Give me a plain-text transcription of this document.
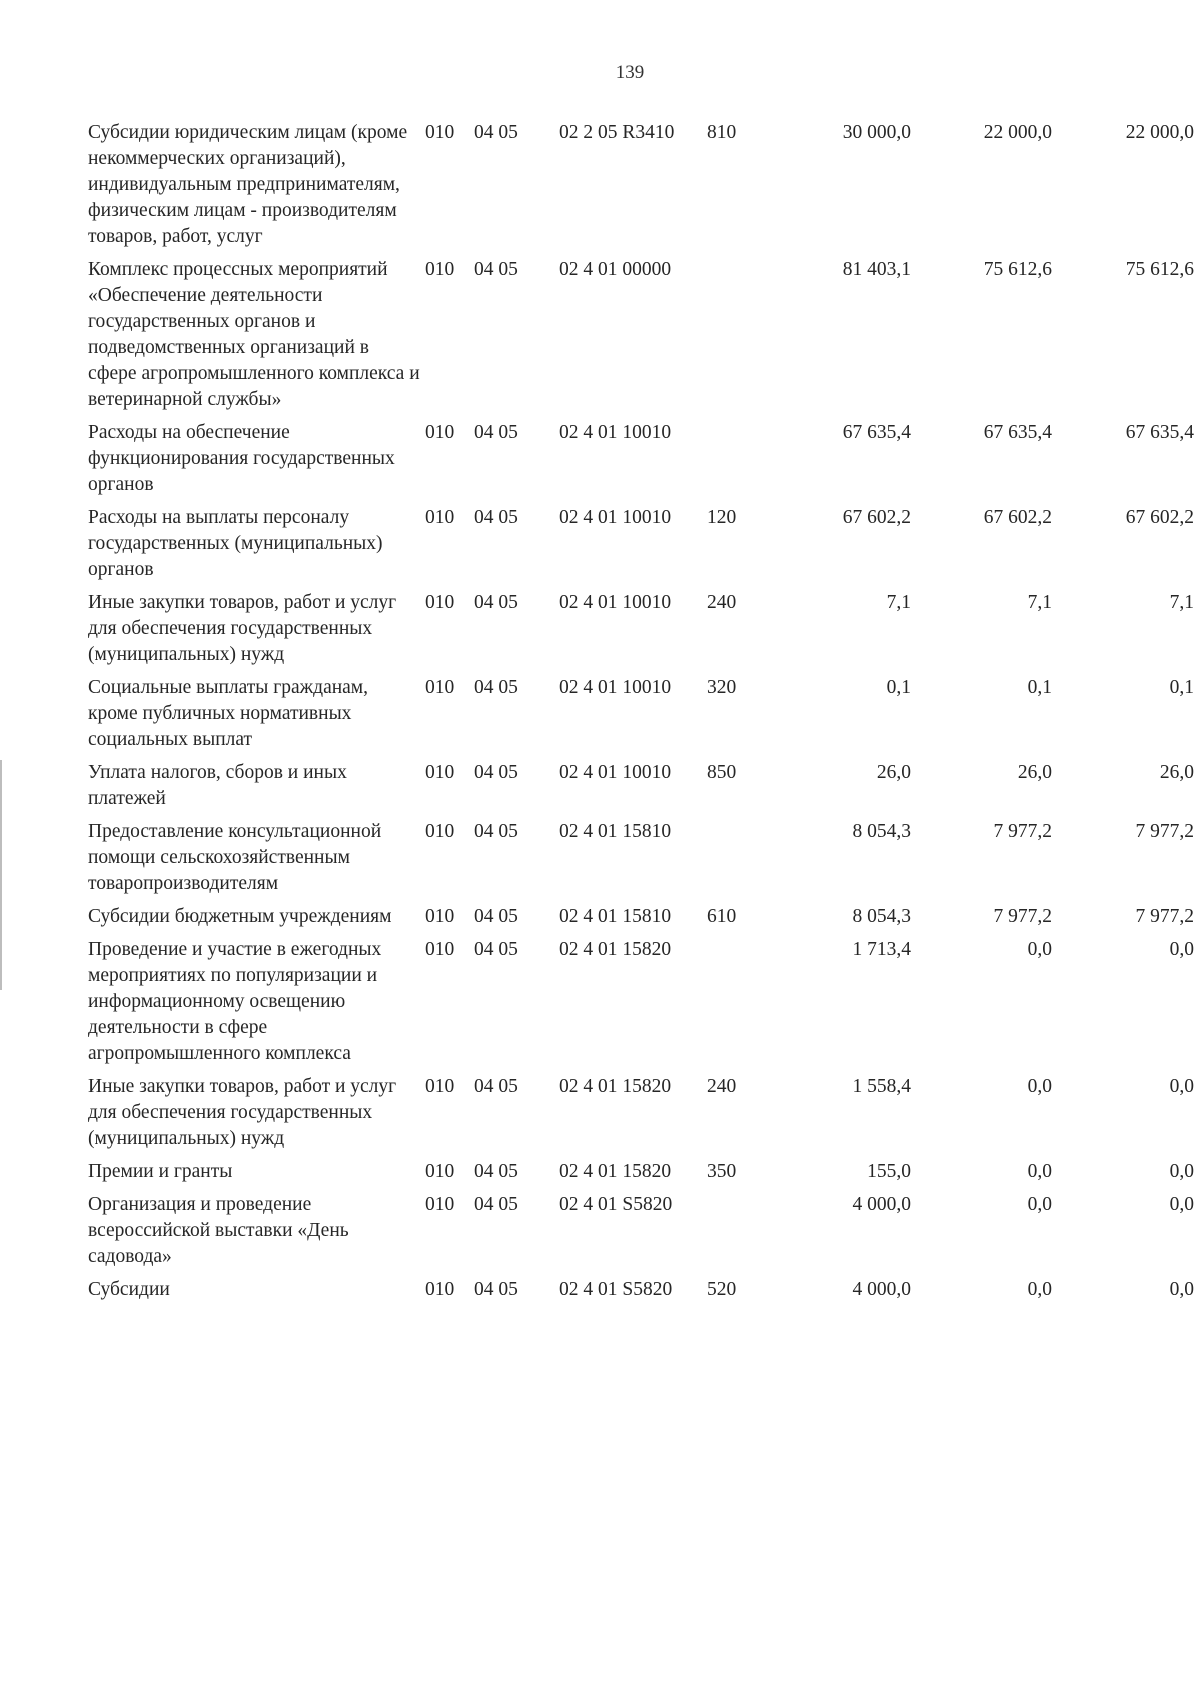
139
Субсидии юридическим лицам (кроме некоммерческих организаций), индивидуальным предпринимателям, физическим лицам - производителям товаров, работ, услуг	010	04 05	02 2 05 R3410	810	30 000,0	22 000,0	22 000,0
Комплекс процессных мероприятий «Обеспечение деятельности государственных органов и подведомственных организаций в сфере агропромышленного комплекса и ветеринарной службы»	010	04 05	02 4 01 00000		81 403,1	75 612,6	75 612,6
Расходы на обеспечение функционирования государственных органов	010	04 05	02 4 01 10010		67 635,4	67 635,4	67 635,4
Расходы на выплаты персоналу государственных (муниципальных) органов	010	04 05	02 4 01 10010	120	67 602,2	67 602,2	67 602,2
Иные закупки товаров, работ и услуг для обеспечения государственных (муниципальных) нужд	010	04 05	02 4 01 10010	240	7,1	7,1	7,1
Социальные выплаты гражданам, кроме публичных нормативных социальных выплат	010	04 05	02 4 01 10010	320	0,1	0,1	0,1
Уплата налогов, сборов и иных платежей	010	04 05	02 4 01 10010	850	26,0	26,0	26,0
Предоставление консультационной помощи сельскохозяйственным товаропроизводителям	010	04 05	02 4 01 15810		8 054,3	7 977,2	7 977,2
Субсидии бюджетным учреждениям	010	04 05	02 4 01 15810	610	8 054,3	7 977,2	7 977,2
Проведение и участие в ежегодных мероприятиях по популяризации и информационному освещению деятельности в сфере агропромышленного комплекса	010	04 05	02 4 01 15820		1 713,4	0,0	0,0
Иные закупки товаров, работ и услуг для обеспечения государственных (муниципальных) нужд	010	04 05	02 4 01 15820	240	1 558,4	0,0	0,0
Премии и гранты	010	04 05	02 4 01 15820	350	155,0	0,0	0,0
Организация и проведение всероссийской выставки «День садовода»	010	04 05	02 4 01 S5820		4 000,0	0,0	0,0
Субсидии	010	04 05	02 4 01 S5820	520	4 000,0	0,0	0,0
